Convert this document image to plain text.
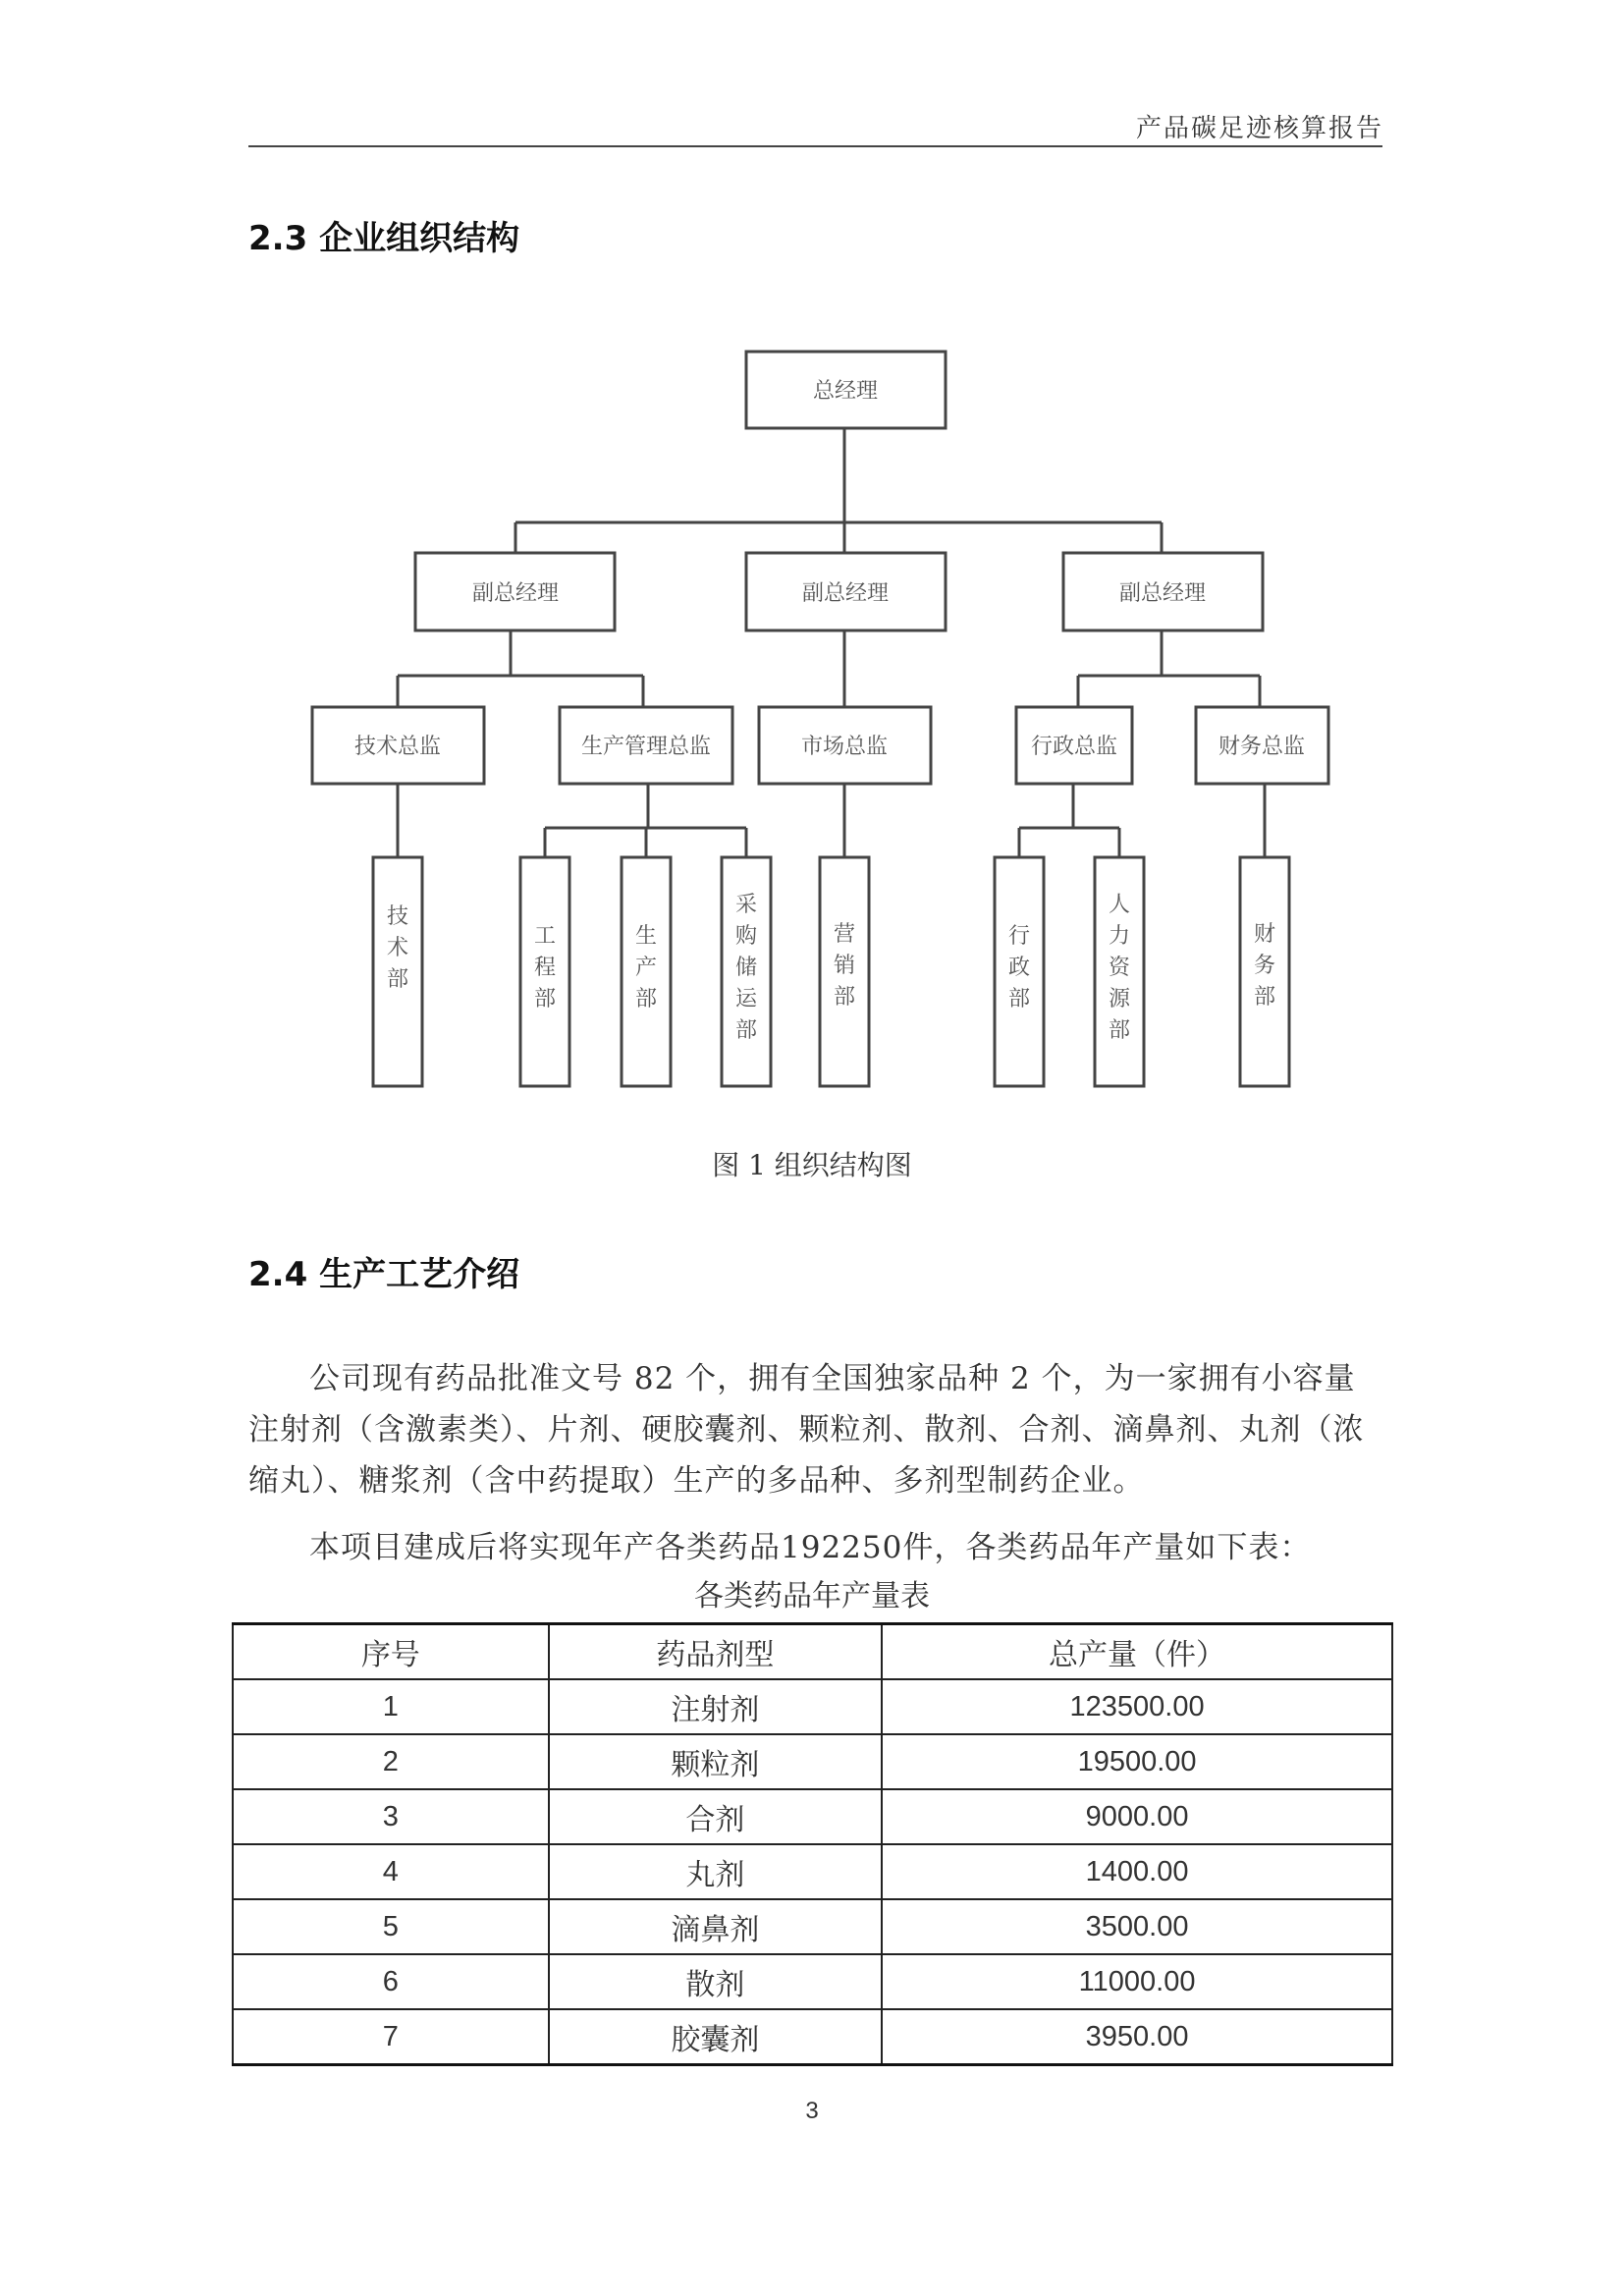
产品碳足迹核算报告
2.3 企业组织结构
总经理
副总经理	副总经理	副总经理
技术总监	生产管理总监	市场总监	行政总监	财务总监
技术部
工程部
生产部
采购储运部
营销部
行政部
人力资源部
财务部
图 1 组织结构图
2.4 生产工艺介绍

公司现有药品批准文号 82 个，拥有全国独家品种 2 个，为一家拥有小容量注射剂（含激素类）、片剂、硬胶囊剂、颗粒剂、散剂、合剂、滴鼻剂、丸剂（浓缩丸）、糖浆剂（含中药提取）生产的多品种、多剂型制药企业。

本项目建成后将实现年产各类药品192250件，各类药品年产量如下表：

各类药品年产量表
序号	药品剂型	总产量（件）
1	注射剂	123500.00
2	颗粒剂	19500.00
3	合剂	9000.00
4	丸剂	1400.00
5	滴鼻剂	3500.00
6	散剂	11000.00
7	胶囊剂	3950.00
3
